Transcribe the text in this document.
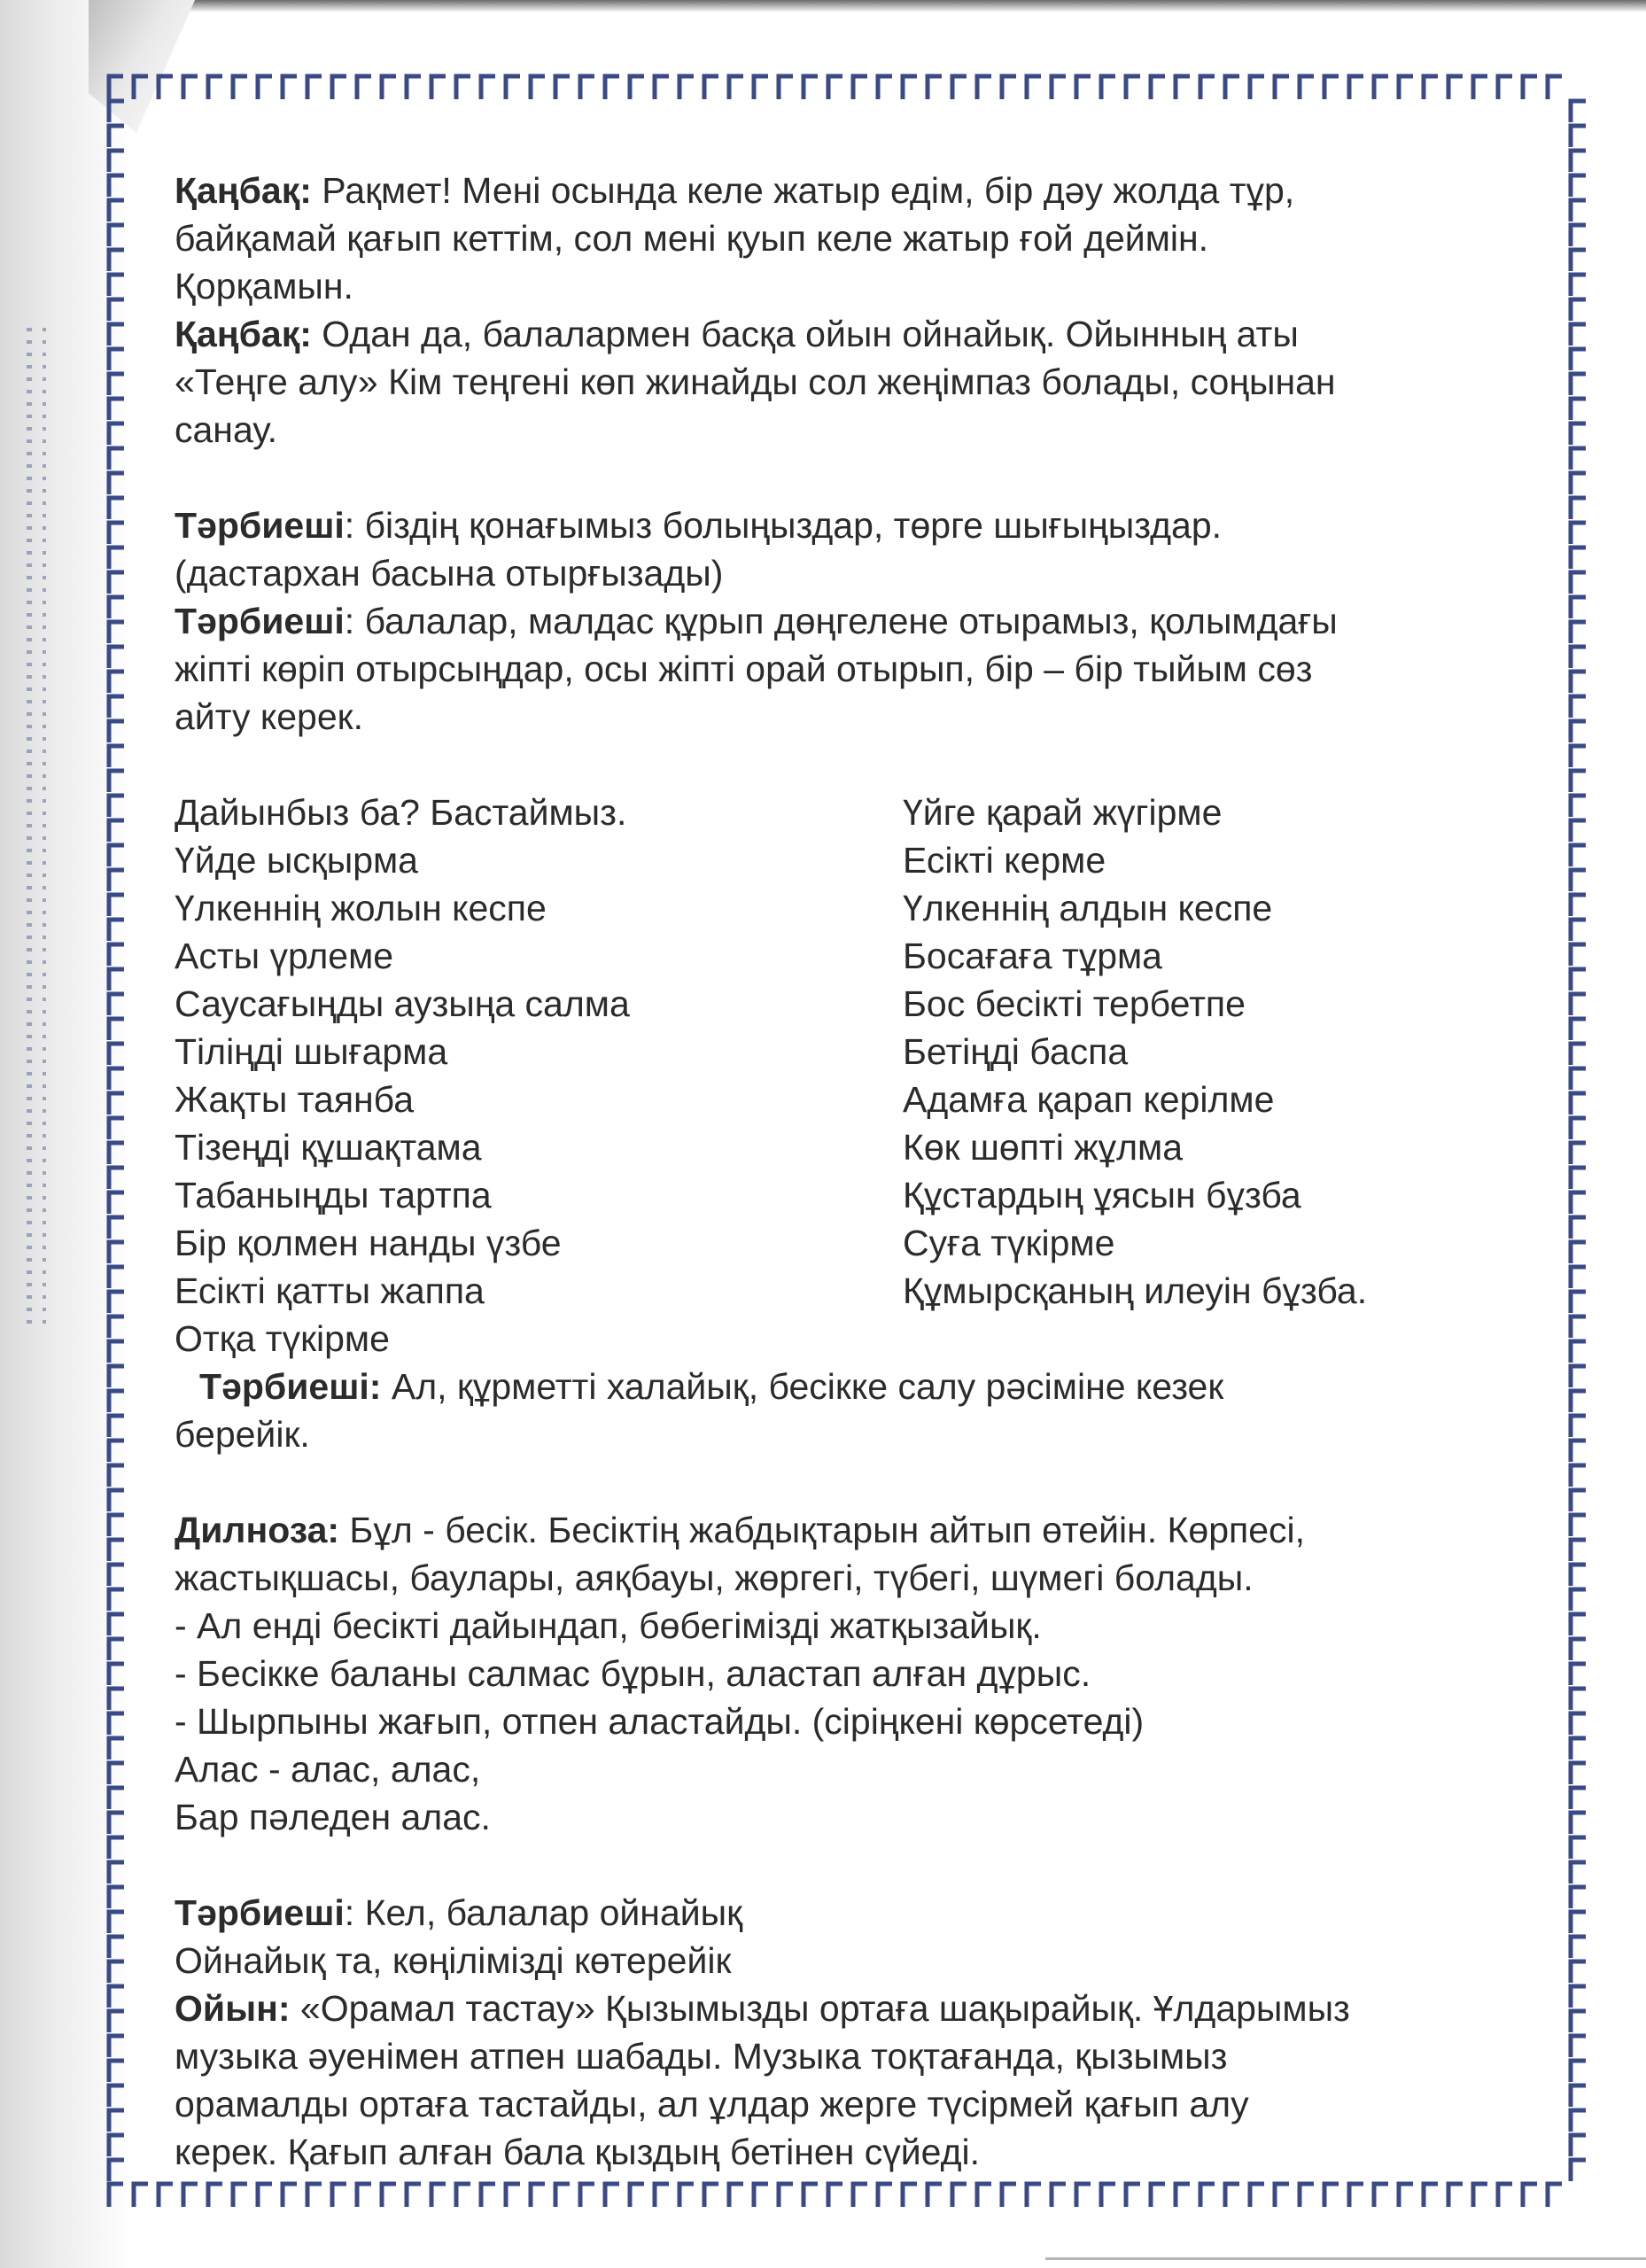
Қаңбақ: Рақмет! Мені осында келе жатыр едім, бір дәу жолда тұр,

байқамай қағып кеттім, сол мені қуып келе жатыр ғой деймін.

Қорқамын.

Қаңбақ: Одан да, балалармен басқа ойын ойнайық. Ойынның аты

«Теңге алу» Кім теңгені көп жинайды сол жеңімпаз болады, соңынан

санау.

Тәрбиеші: біздің қонағымыз болыңыздар, төрге шығыңыздар.

(дастархан басына отырғызады)

Тәрбиеші: балалар, малдас құрып дөңгелене отырамыз, қолымдағы

жіпті көріп отырсыңдар, осы жіпті орай отырып, бір – бір тыйым сөз

айту керек.

Дайынбыз ба? Бастаймыз.

Үйде ысқырма

Үлкеннің жолын кеспе

Асты үрлеме

Саусағыңды аузыңа салма

Тіліңді шығарма

Жақты таянба

Тізеңді құшақтама

Табаныңды тартпа

Бір қолмен нанды үзбе

Есікті қатты жаппа

Отқа түкірме

Үйге қарай жүгірме

Есікті керме

Үлкеннің алдын кеспе

Босағаға тұрма

Бос бесікті тербетпе

Бетіңді баспа

Адамға қарап керілме

Көк шөпті жұлма

Құстардың ұясын бұзба

Суға түкірме

Құмырсқаның илеуін бұзба.

Тәрбиеші: Ал, құрметті халайық, бесікке салу рәсіміне кезек

берейік.

Дилноза: Бұл - бесік. Бесіктің жабдықтарын айтып өтейін. Көрпесі,

жастықшасы, баулары, аяқбауы, жөргегі, түбегі, шүмегі болады.

- Ал енді бесікті дайындап, бөбегімізді жатқызайық.

- Бесікке баланы салмас бұрын, аластап алған дұрыс.

- Шырпыны жағып, отпен аластайды. (сіріңкені көрсетеді)

Алас - алас, алас,

Бар пәледен алас.

Тәрбиеші: Кел, балалар ойнайық

Ойнайық та, көңілімізді көтерейік

Ойын: «Орамал тастау» Қызымызды ортаға шақырайық. Ұлдарымыз

музыка әуенімен атпен шабады. Музыка тоқтағанда, қызымыз

орамалды ортаға тастайды, ал ұлдар жерге түсірмей қағып алу

керек. Қағып алған бала қыздың бетінен сүйеді.
